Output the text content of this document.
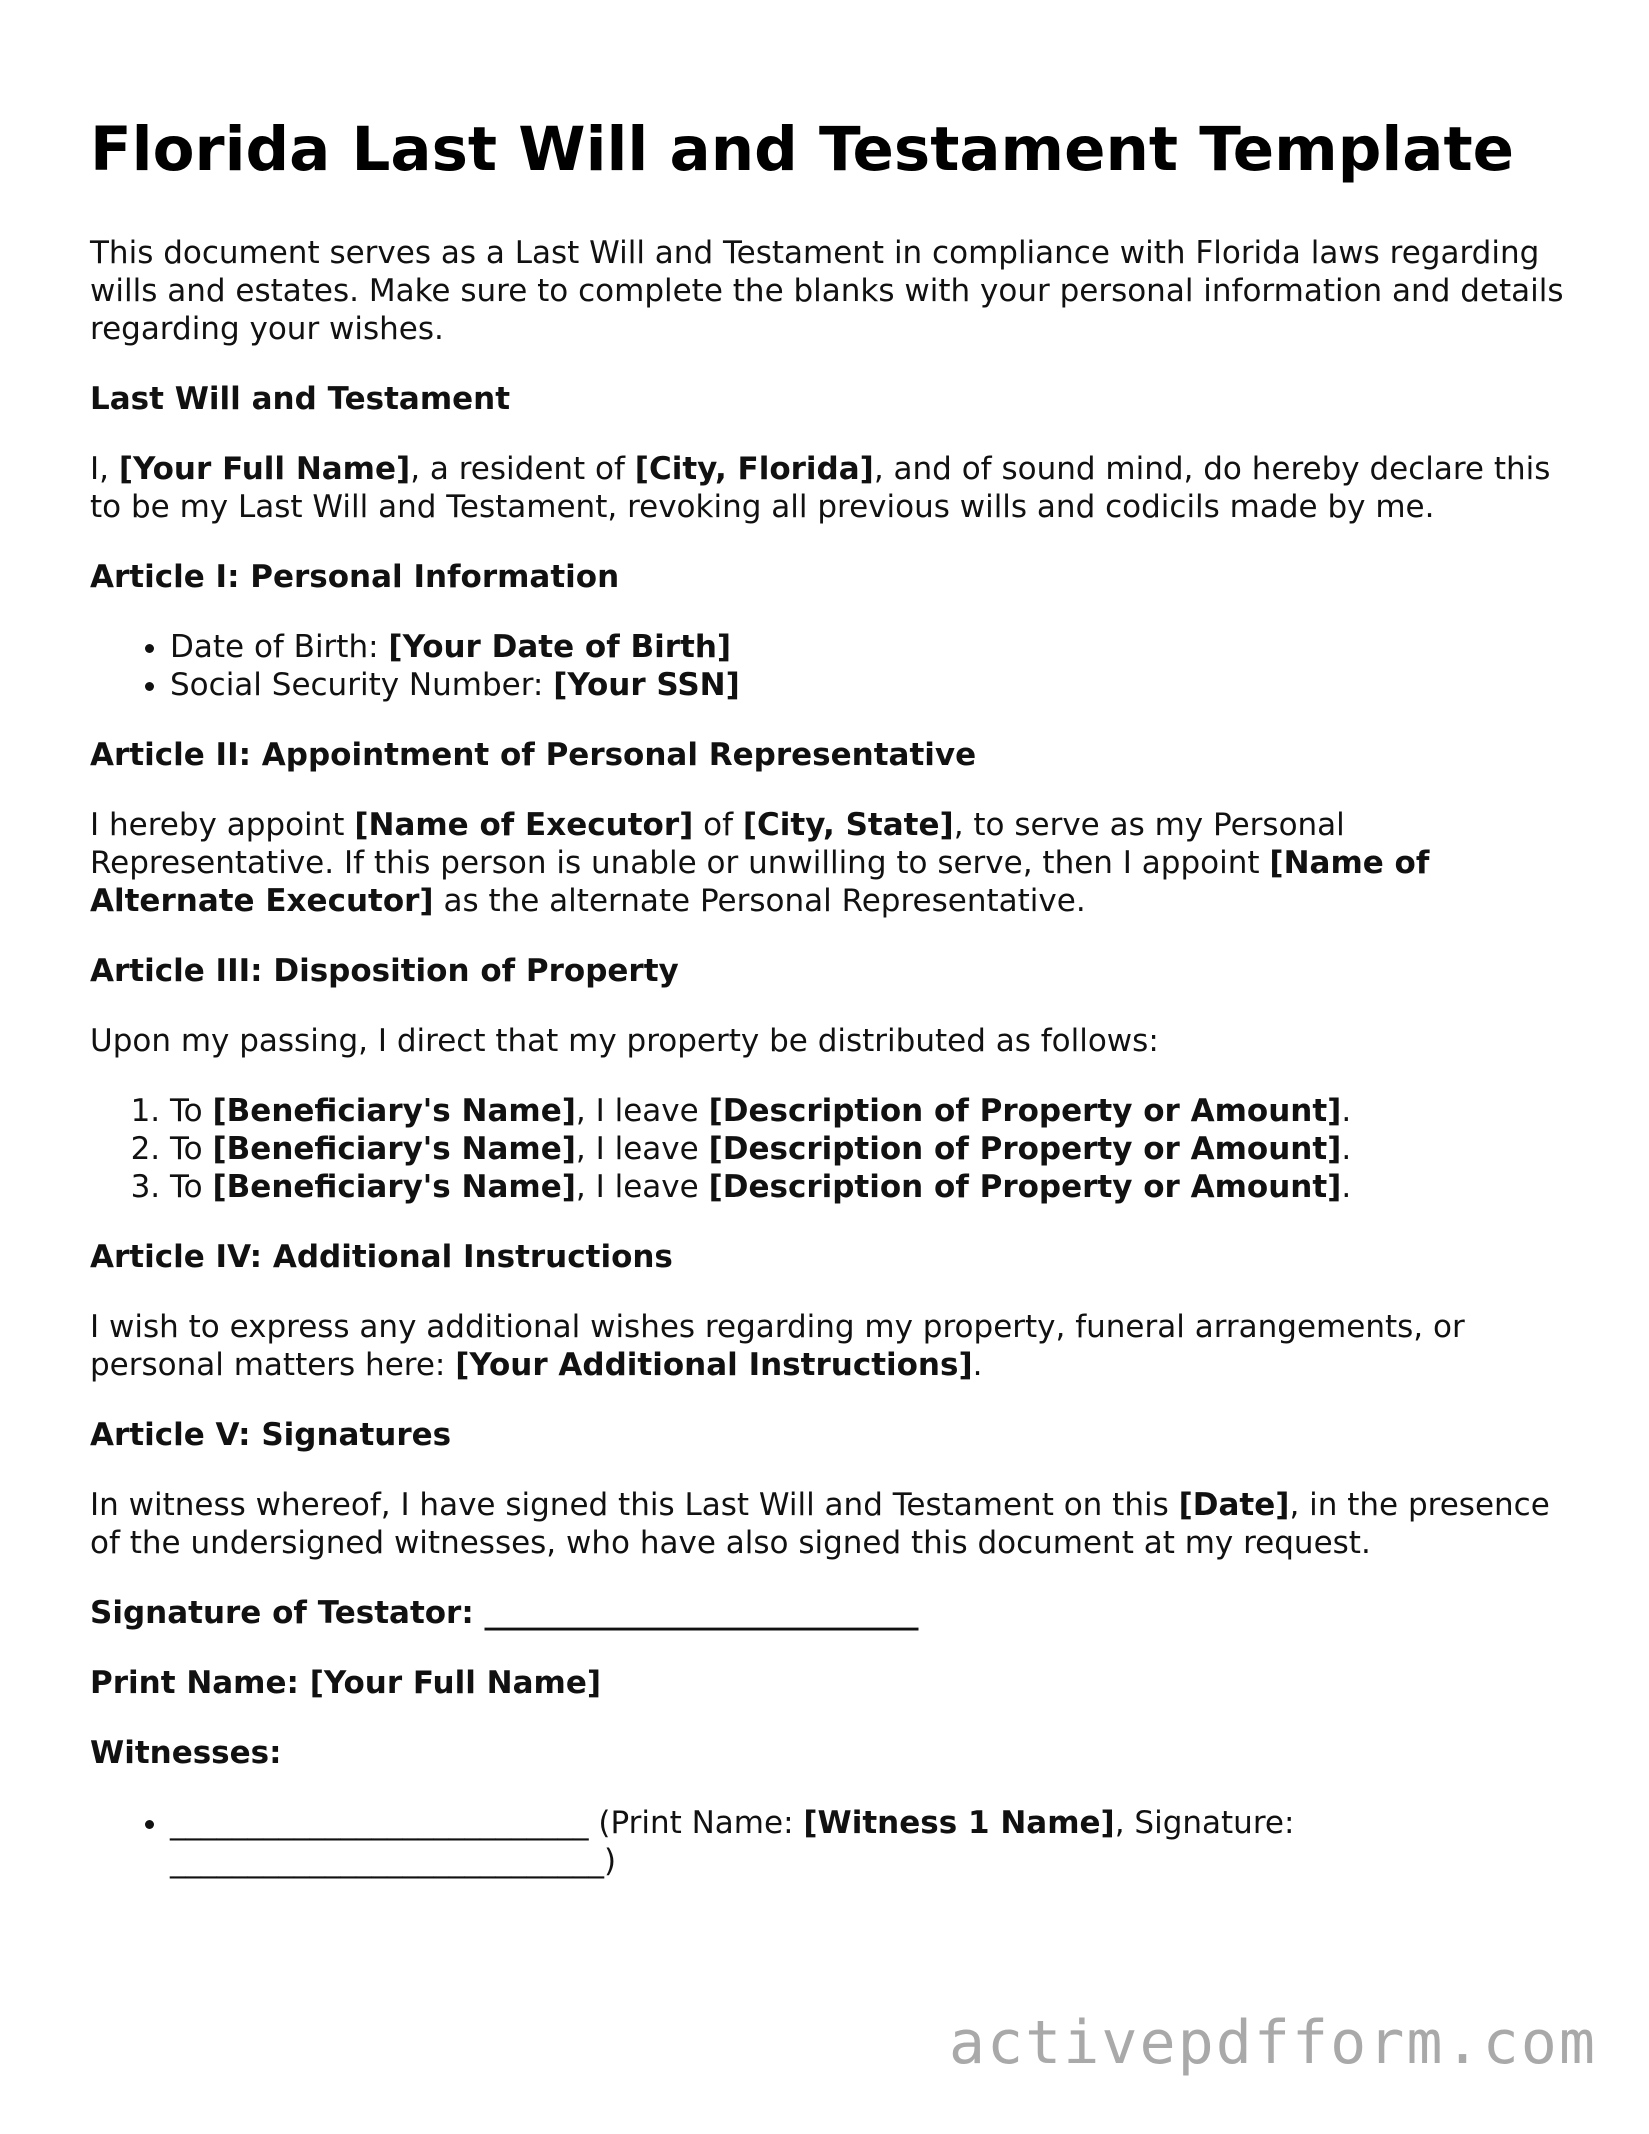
Florida Last Will and Testament Template

This document serves as a Last Will and Testament in compliance with Florida laws regarding wills and estates. Make sure to complete the blanks with your personal information and details regarding your wishes.

Last Will and Testament

I, [Your Full Name], a resident of [City, Florida], and of sound mind, do hereby declare this to be my Last Will and Testament, revoking all previous wills and codicils made by me.

Article I: Personal Information

• Date of Birth: [Your Date of Birth]
• Social Security Number: [Your SSN]

Article II: Appointment of Personal Representative

I hereby appoint [Name of Executor] of [City, State], to serve as my Personal Representative. If this person is unable or unwilling to serve, then I appoint [Name of Alternate Executor] as the alternate Personal Representative.

Article III: Disposition of Property

Upon my passing, I direct that my property be distributed as follows:

1. To [Beneficiary's Name], I leave [Description of Property or Amount].
2. To [Beneficiary's Name], I leave [Description of Property or Amount].
3. To [Beneficiary's Name], I leave [Description of Property or Amount].

Article IV: Additional Instructions

I wish to express any additional wishes regarding my property, funeral arrangements, or personal matters here: [Your Additional Instructions].

Article V: Signatures

In witness whereof, I have signed this Last Will and Testament on this [Date], in the presence of the undersigned witnesses, who have also signed this document at my request.

Signature of Testator: ____________________________

Print Name: [Your Full Name]

Witnesses:

• ___________________________ (Print Name: [Witness 1 Name], Signature:
____________________________)
activepdfform.com
